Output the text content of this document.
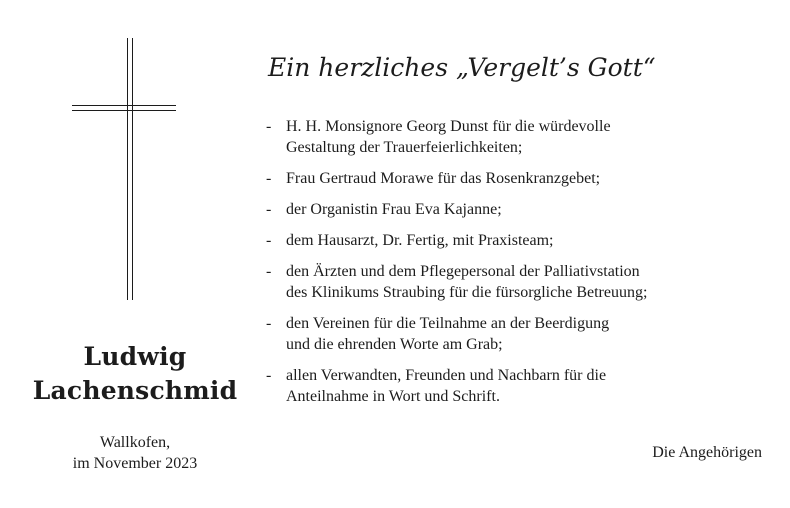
Ludwig
Lachenschmid
Wallkofen,
im November 2023
Ein herzliches „Vergelt’s Gott“
- H. H. Monsignore Georg Dunst für die würdevolle
Gestaltung der Trauerfeierlichkeiten;
- Frau Gertraud Morawe für das Rosenkranzgebet;
- der Organistin Frau Eva Kajanne;
- dem Hausarzt, Dr. Fertig, mit Praxisteam;
- den Ärzten und dem Pflegepersonal der Palliativstation
des Klinikums Straubing für die fürsorgliche Betreuung;
- den Vereinen für die Teilnahme an der Beerdigung
und die ehrenden Worte am Grab;
- allen Verwandten, Freunden und Nachbarn für die
Anteilnahme in Wort und Schrift.
Die Angehörigen
